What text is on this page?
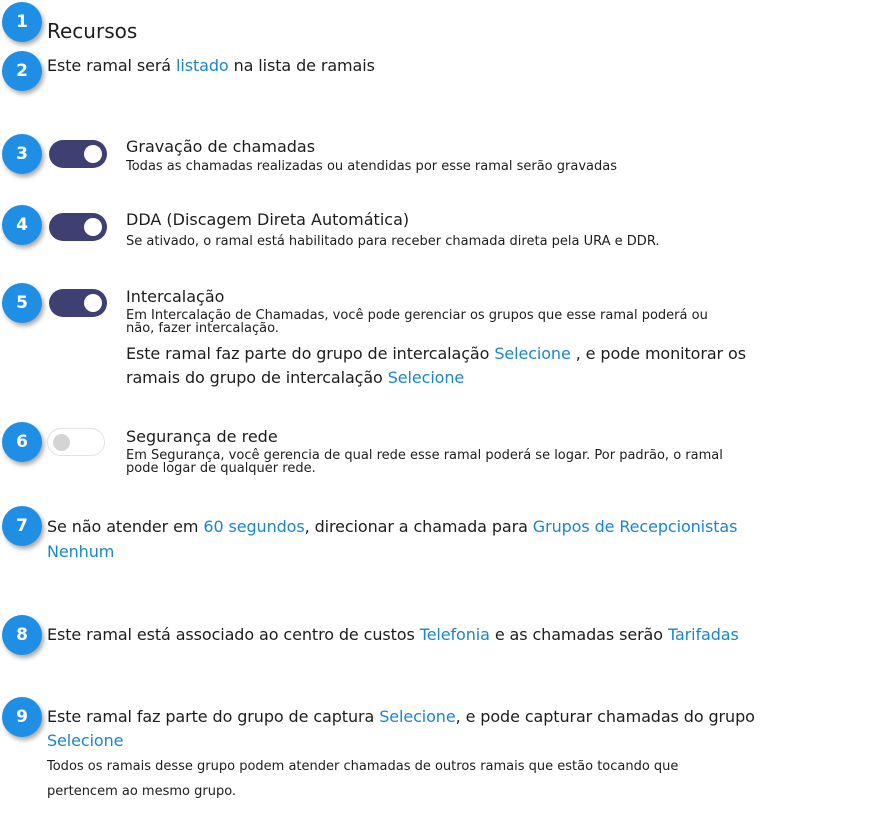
1
2
3
4
5
6
7
8
9
Recursos
Este ramal será listado na lista de ramais
Gravação de chamadas
Todas as chamadas realizadas ou atendidas por esse ramal serão gravadas
DDA (Discagem Direta Automática)
Se ativado, o ramal está habilitado para receber chamada direta pela URA e DDR.
Intercalação
Em Intercalação de Chamadas, você pode gerenciar os grupos que esse ramal poderá ou
não, fazer intercalação.
Este ramal faz parte do grupo de intercalação Selecione , e pode monitorar os
ramais do grupo de intercalação Selecione
Segurança de rede
Em Segurança, você gerencia de qual rede esse ramal poderá se logar. Por padrão, o ramal
pode logar de qualquer rede.
Se não atender em 60 segundos, direcionar a chamada para Grupos de Recepcionistas
Nenhum
Este ramal está associado ao centro de custos Telefonia e as chamadas serão Tarifadas
Este ramal faz parte do grupo de captura Selecione, e pode capturar chamadas do grupo
Selecione
Todos os ramais desse grupo podem atender chamadas de outros ramais que estão tocando que
pertencem ao mesmo grupo.
